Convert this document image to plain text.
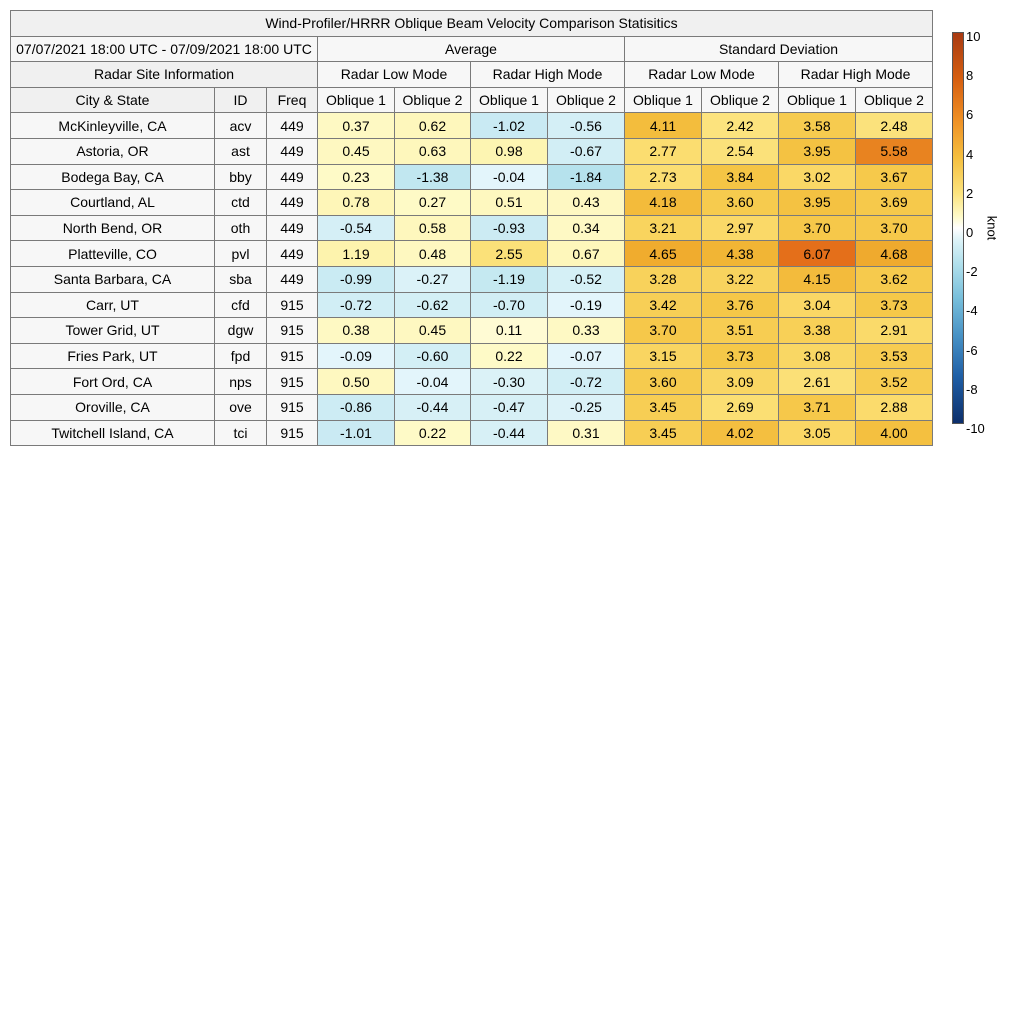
Wind-Profiler/HRRR Oblique Beam Velocity Comparison Statisitics										
07/07/2021 18:00 UTC - 07/09/2021 18:00 UTC			Average				Standard Deviation			
Radar Site Information			Radar Low Mode		Radar High Mode		Radar Low Mode		Radar High Mode	
City & State	ID	Freq	Oblique 1	Oblique 2	Oblique 1	Oblique 2	Oblique 1	Oblique 2	Oblique 1	Oblique 2
McKinleyville, CA	acv	449	0.37	0.62	-1.02	-0.56	4.11	2.42	3.58	2.48
Astoria, OR	ast	449	0.45	0.63	0.98	-0.67	2.77	2.54	3.95	5.58
Bodega Bay, CA	bby	449	0.23	-1.38	-0.04	-1.84	2.73	3.84	3.02	3.67
Courtland, AL	ctd	449	0.78	0.27	0.51	0.43	4.18	3.60	3.95	3.69
North Bend, OR	oth	449	-0.54	0.58	-0.93	0.34	3.21	2.97	3.70	3.70
Platteville, CO	pvl	449	1.19	0.48	2.55	0.67	4.65	4.38	6.07	4.68
Santa Barbara, CA	sba	449	-0.99	-0.27	-1.19	-0.52	3.28	3.22	4.15	3.62
Carr, UT	cfd	915	-0.72	-0.62	-0.70	-0.19	3.42	3.76	3.04	3.73
Tower Grid, UT	dgw	915	0.38	0.45	0.11	0.33	3.70	3.51	3.38	2.91
Fries Park, UT	fpd	915	-0.09	-0.60	0.22	-0.07	3.15	3.73	3.08	3.53
Fort Ord, CA	nps	915	0.50	-0.04	-0.30	-0.72	3.60	3.09	2.61	3.52
Oroville, CA	ove	915	-0.86	-0.44	-0.47	-0.25	3.45	2.69	3.71	2.88
Twitchell Island, CA	tci	915	-1.01	0.22	-0.44	0.31	3.45	4.02	3.05	4.00
10
8
6
4
2
0
-2
-4
-6
-8
-10
knot
